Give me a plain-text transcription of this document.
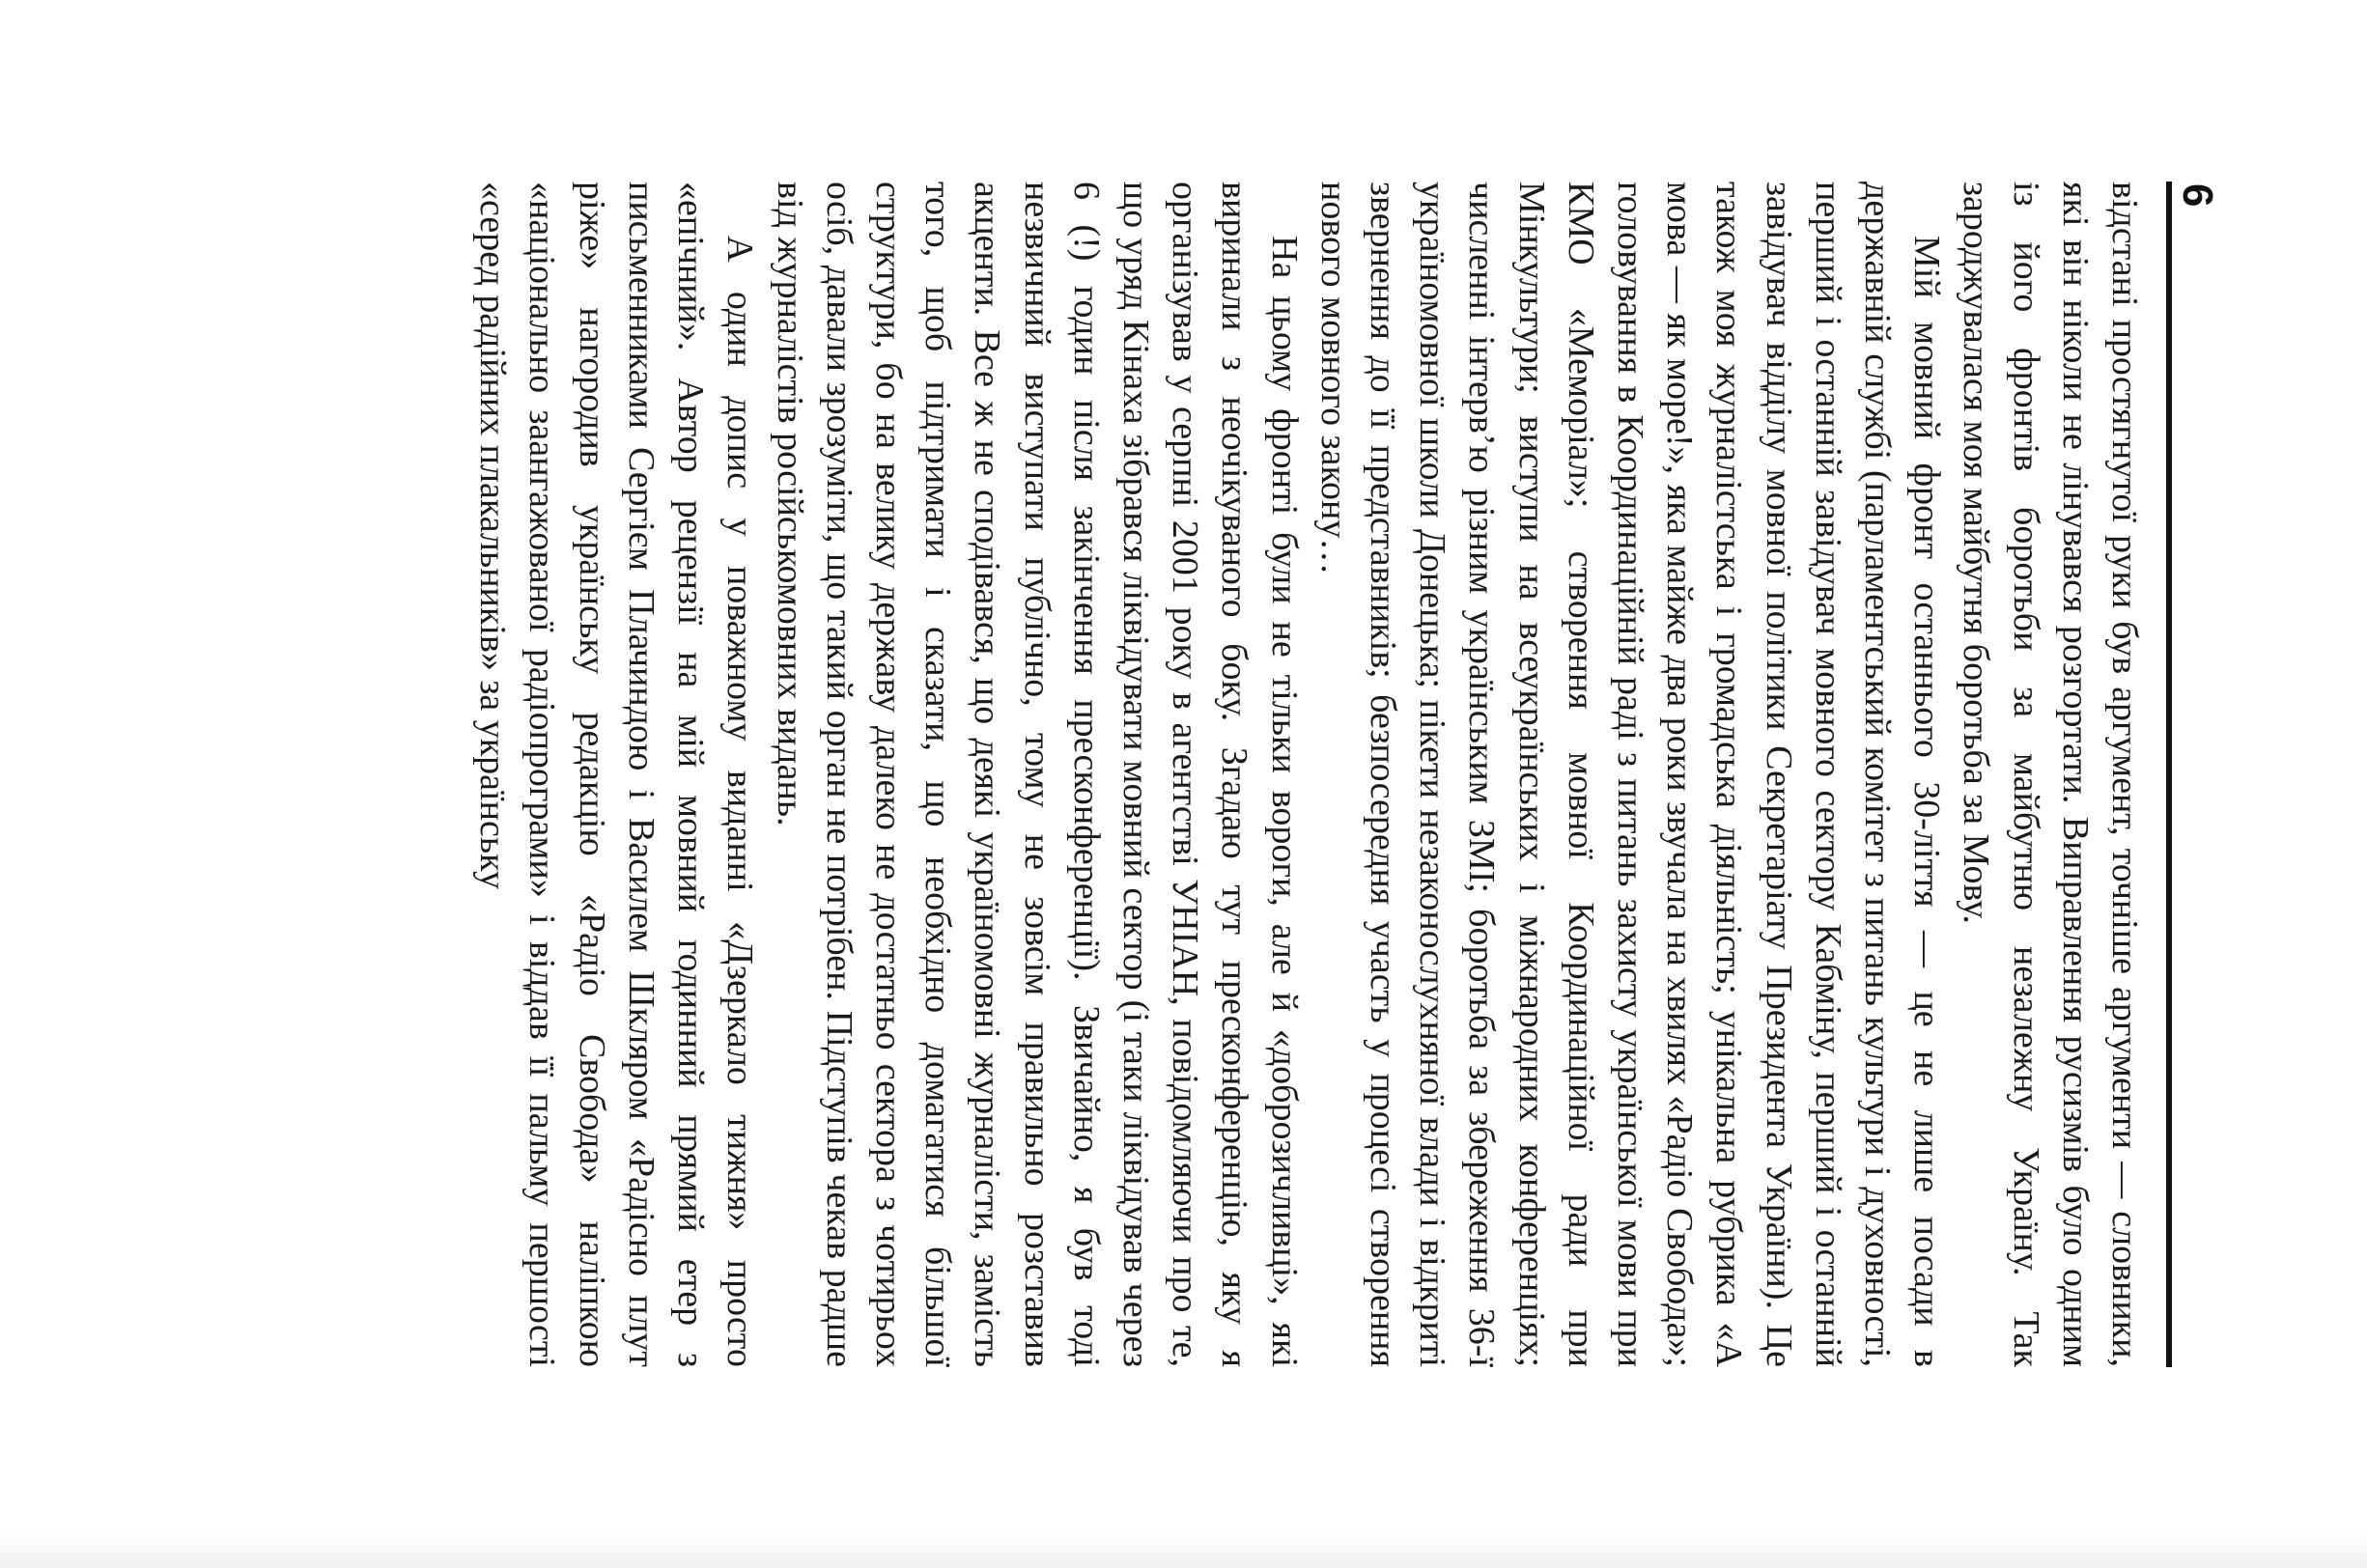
6

відстані простягнутої руки був аргумент, точніше аргументи — словники, які він ніколи не лінувався розгортати. Виправлення русизмів було одним із його фронтів боротьби за майбутню незалежну Україну. Так зароджувалася моя майбутня боротьба за Мову.

Мій мовний фронт останнього 30-ліття — це не лише посади в державній службі (парламентський комітет з питань культури і духовності, перший і останній завідувач мовного сектору Кабміну, перший і останній завідувач відділу мовної політики Секретаріату Президента України). Це також моя журналістська і громадська діяльність; унікальна рубрика «А мова — як море!», яка майже два роки звучала на хвилях «Радіо Свобода»; головування в Координаційній раді з питань захисту української мови при КМО «Меморіал»; створення мовної Координаційної ради при Мінкультури; виступи на всеукраїнських і міжнародних конференціях; численні інтерв’ю різним українським ЗМІ; боротьба за збереження 36-ї україномовної школи Донецька; пікети незаконослухняної влади і відкриті звернення до її представників; безпосередня участь у процесі створення нового мовного закону…

На цьому фронті були не тільки вороги, але й «доброзичливці», які виринали з неочікуваного боку. Згадаю тут пресконференцію, яку я організував у серпні 2001 року в агентстві УНІАН, повідомляючи про те, що уряд Кінаха зібрався ліквідувати мовний сектор (і таки ліквідував через 6 (!) годин після закінчення пресконференції). Звичайно, я був тоді незвичний виступати публічно, тому не зовсім правильно розставив акценти. Все ж не сподівався, що деякі україномовні журналісти, замість того, щоб підтримати і сказати, що необхідно домагатися більшої структури, бо на велику державу далеко не достатньо сектора з чотирьох осіб, давали зрозуміти, що такий орган не потрібен. Підступів чекав радше від журналістів російськомовних видань.

А один допис у поважному виданні «Дзеркало тижня» просто «епічний». Автор рецензії на мій мовний годинний прямий етер з письменниками Сергієм Плачиндою і Василем Шкляром «Радісно плут ріже» нагородив українську редакцію «Радіо Свобода» наліпкою «національно заангажованої радіопрограми» і віддав її пальму першості «серед радійних плакальників» за українську
